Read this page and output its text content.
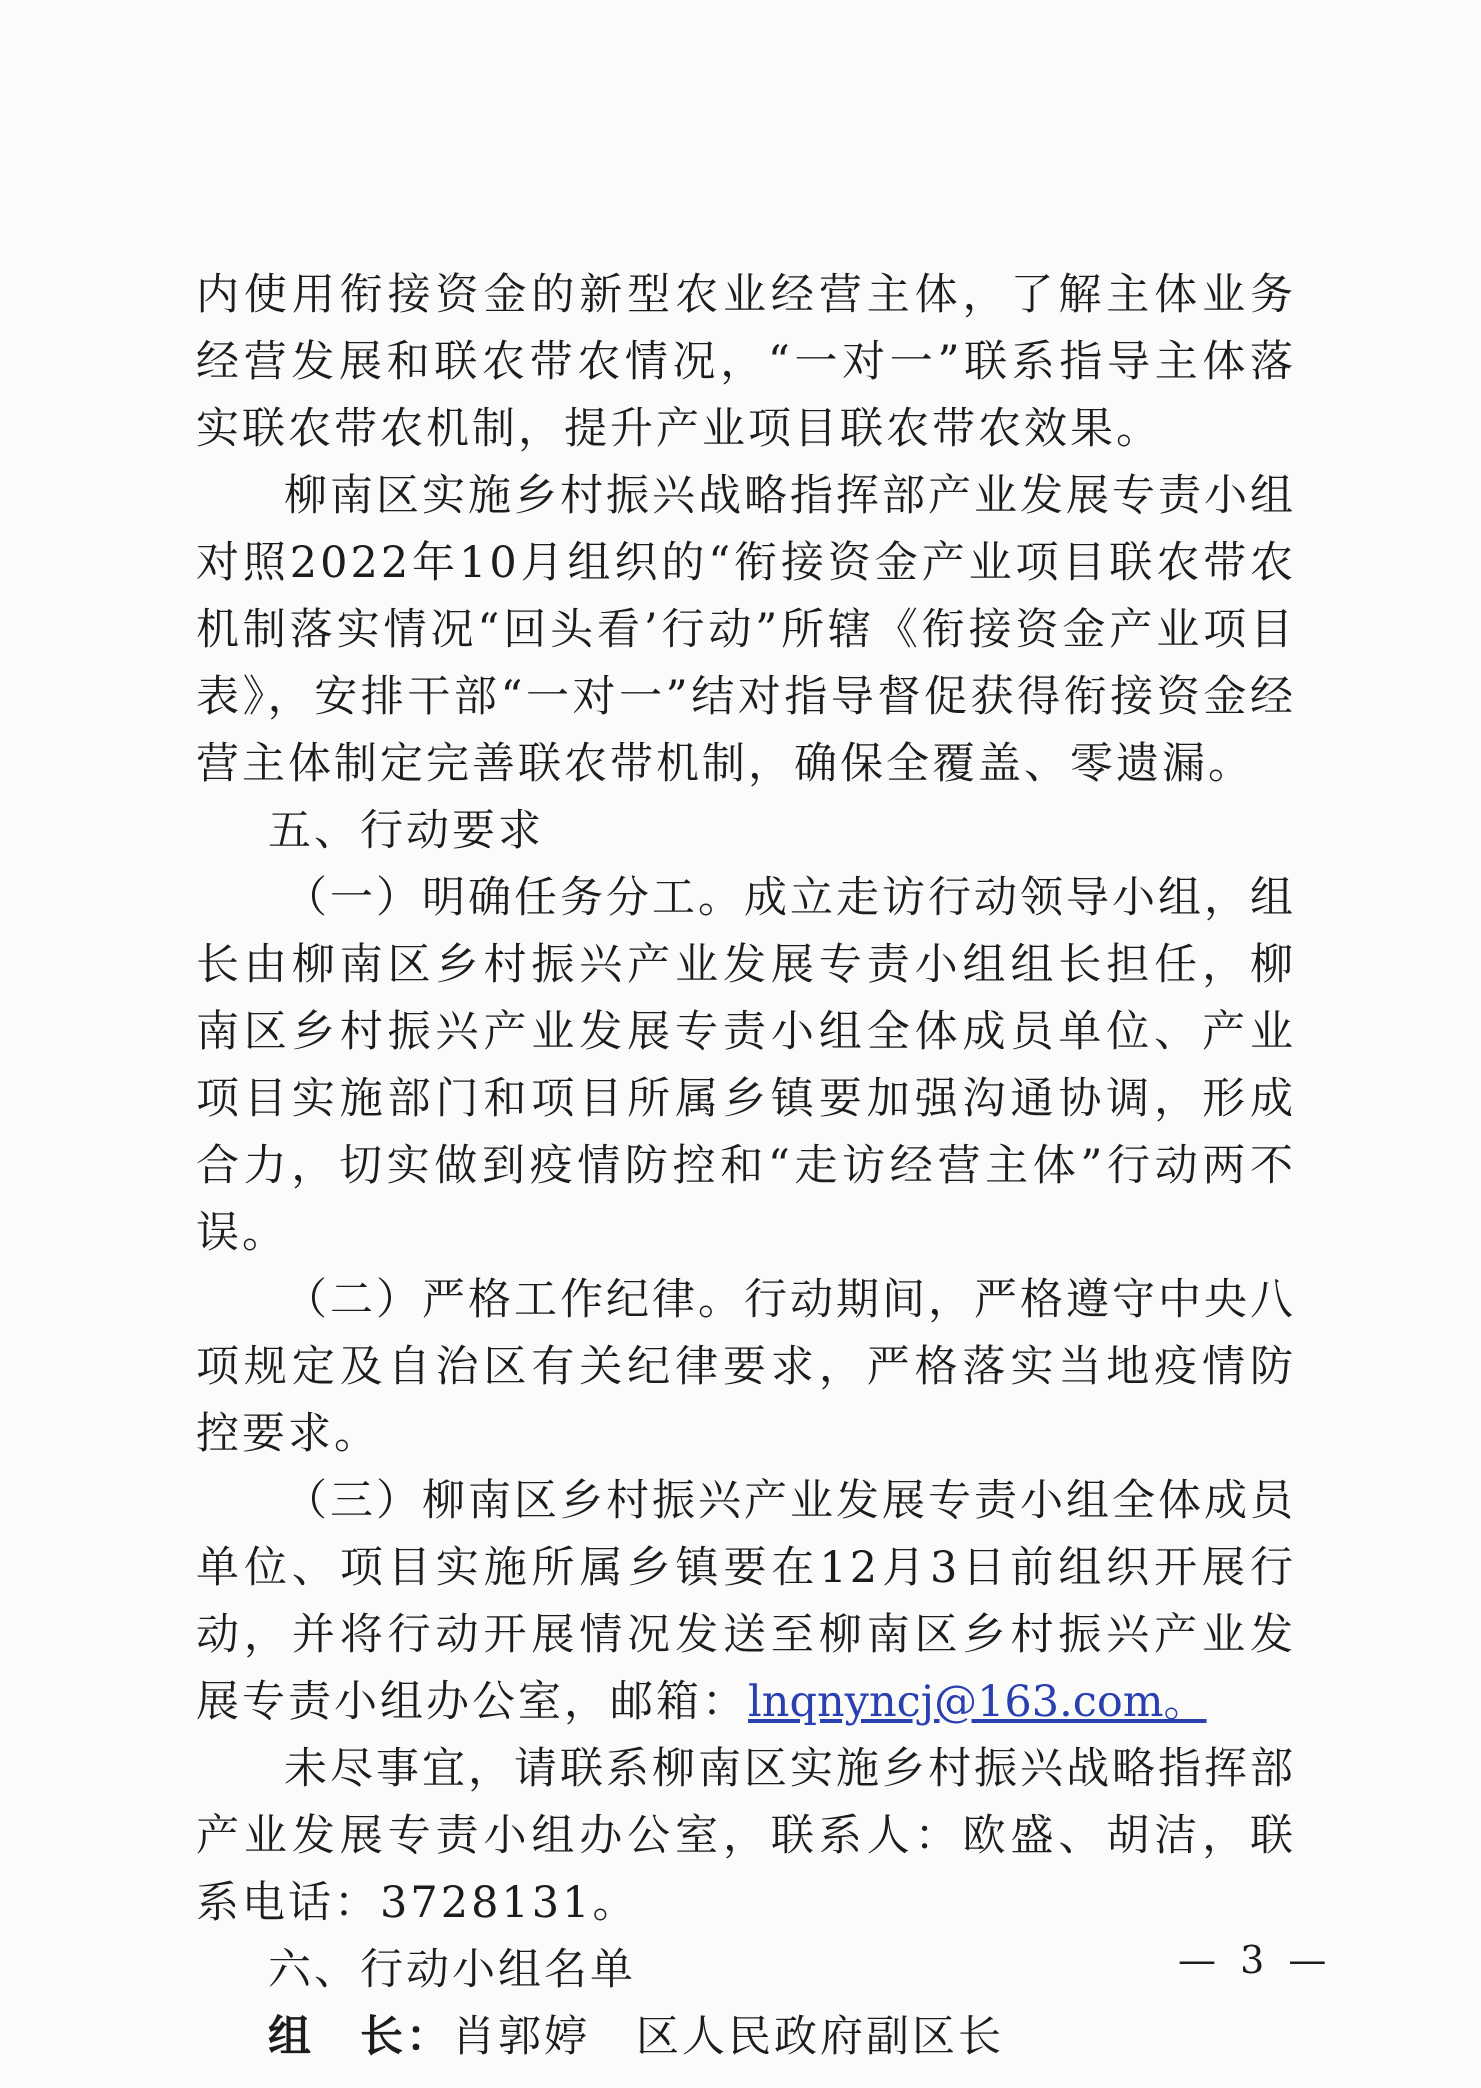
内使用衔接资金的新型农业经营主体，了解主体业务经营发展和联农带农情况，“一对一”联系指导主体落实联农带农机制，提升产业项目联农带农效果。

柳南区实施乡村振兴战略指挥部产业发展专责小组对照2022年10月组织的“衔接资金产业项目联农带农机制落实情况“回头看’行动”所辖《衔接资金产业项目表》，安排干部“一对一”结对指导督促获得衔接资金经营主体制定完善联农带机制，确保全覆盖、零遗漏。

五、行动要求

（一）明确任务分工。成立走访行动领导小组，组长由柳南区乡村振兴产业发展专责小组组长担任，柳南区乡村振兴产业发展专责小组全体成员单位、产业项目实施部门和项目所属乡镇要加强沟通协调，形成合力，切实做到疫情防控和“走访经营主体”行动两不误。

（二）严格工作纪律。行动期间，严格遵守中央八项规定及自治区有关纪律要求，严格落实当地疫情防控要求。

（三）柳南区乡村振兴产业发展专责小组全体成员单位、项目实施所属乡镇要在12月3日前组织开展行动，并将行动开展情况发送至柳南区乡村振兴产业发展专责小组办公室，邮箱：lnqnyncj@163.com。

未尽事宜，请联系柳南区实施乡村振兴战略指挥部产业发展专责小组办公室，联系人：欧盛、胡洁，联系电话：3728131。

六、行动小组名单

组　长：肖郭婷　区人民政府副区长

— 3 —
